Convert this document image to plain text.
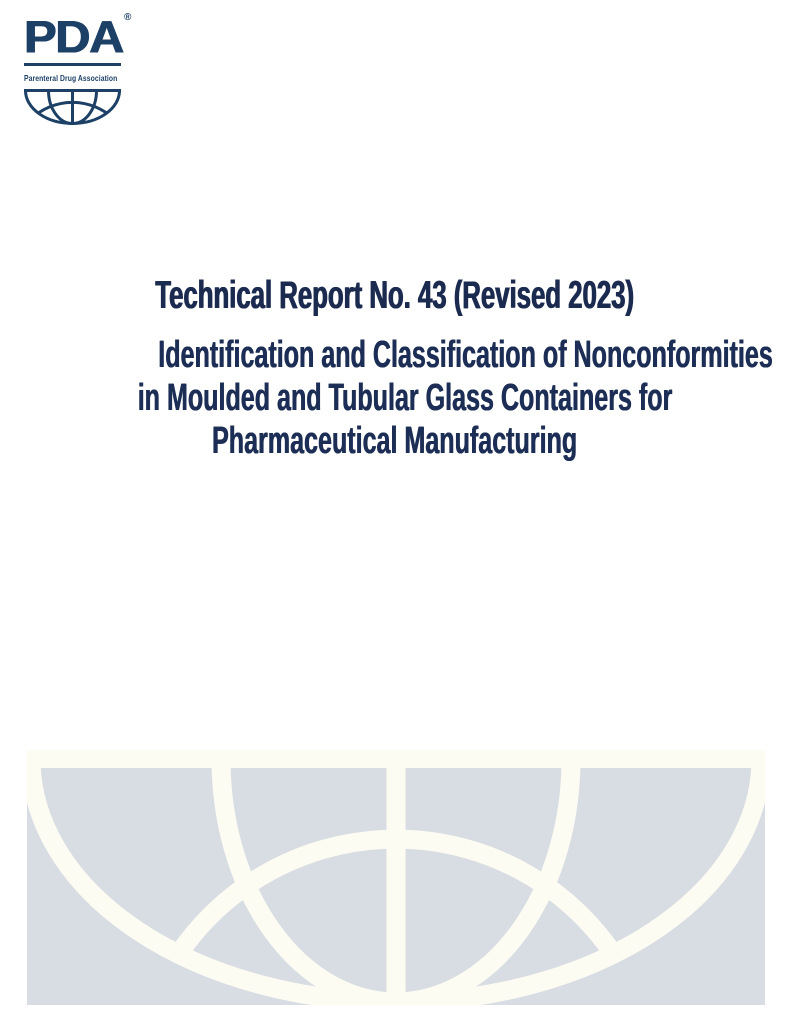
PDA®
Parenteral Drug Association
Technical Report No. 43 (Revised 2023)
Identification and Classification of Nonconformities
in Moulded and Tubular Glass Containers for
Pharmaceutical Manufacturing
